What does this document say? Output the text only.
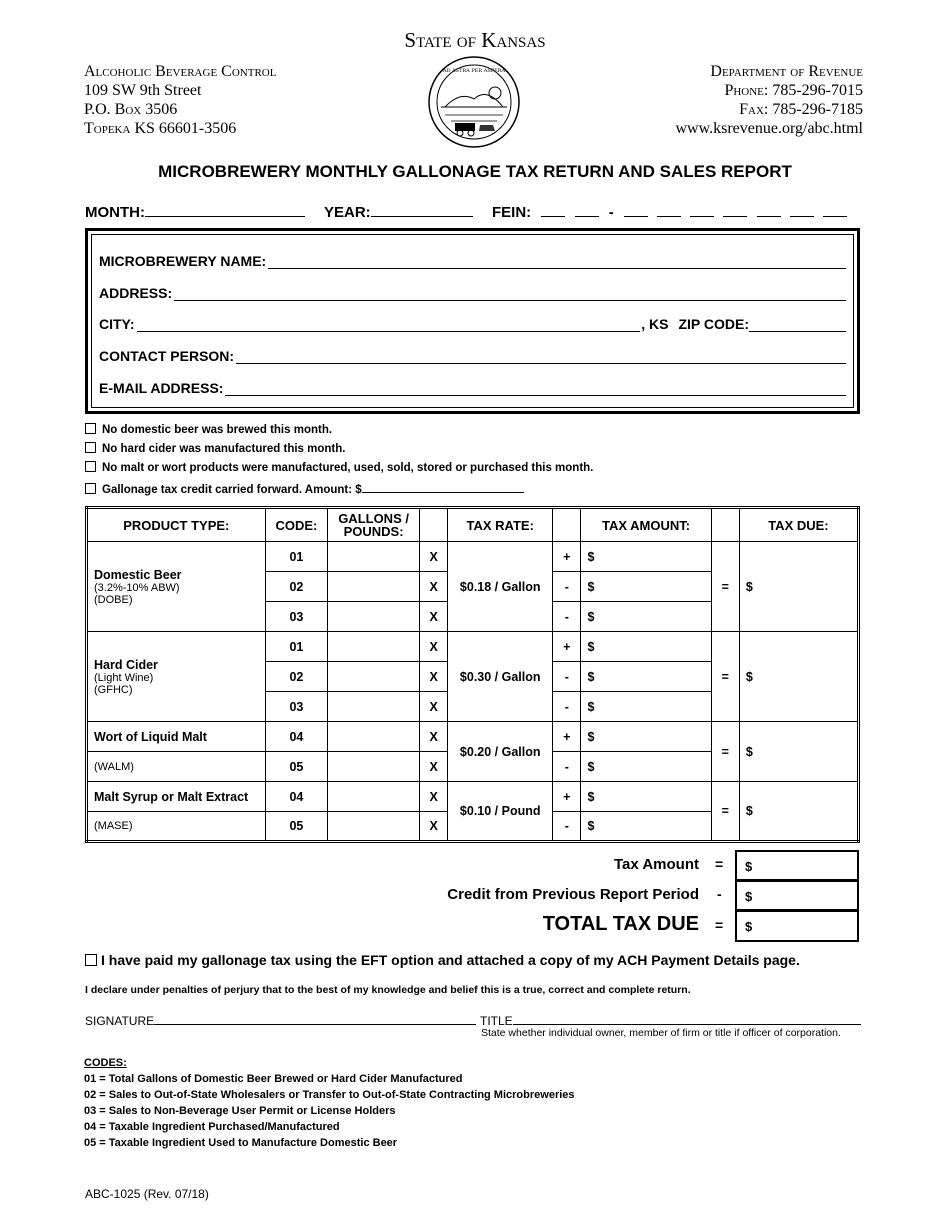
State of Kansas
Alcoholic Beverage Control
109 SW 9th Street
P.O. Box 3506
Topeka KS 66601-3506
AD ASTRA PER ASPERA	Department of Revenue
Phone: 785-296-7015
Fax: 785-296-7185
www.ksrevenue.org/abc.html
MICROBREWERY MONTHLY GALLONAGE TAX RETURN AND SALES REPORT
MONTH:	YEAR:	FEIN:	-
MICROBREWERY NAME:
ADDRESS:
CITY:	, KS ZIP CODE:
CONTACT PERSON:
E-MAIL ADDRESS:
No domestic beer was brewed this month.
No hard cider was manufactured this month.
No malt or wort products were manufactured, used, sold, stored or purchased this month.
Gallonage tax credit carried forward. Amount: $
PRODUCT TYPE:	CODE:	GALLONS / POUNDS:		TAX RATE:		TAX AMOUNT:		TAX DUE:
Domestic Beer
(3.2%-10% ABW)
(DOBE)	01		X	$0.18 / Gallon	+	$	=	$
	02		X		-	$		
	03		X		-	$		
Hard Cider
(Light Wine)
(GFHC)	01		X	$0.30 / Gallon	+	$	=	$
	02		X		-	$		
	03		X		-	$		
Wort of Liquid Malt	04		X	$0.20 / Gallon	+	$	=	$
(WALM)	05		X		-	$		
Malt Syrup or Malt Extract	04		X	$0.10 / Pound	+	$	=	$
(MASE)	05		X		-	$		
Tax Amount =	$
Credit from Previous Report Period -	$
TOTAL TAX DUE =	$
I have paid my gallonage tax using the EFT option and attached a copy of my ACH Payment Details page.
I declare under penalties of perjury that to the best of my knowledge and belief this is a true, correct and complete return.
SIGNATURE	TITLE
State whether individual owner, member of firm or title if officer of corporation.
CODES:
01 = Total Gallons of Domestic Beer Brewed or Hard Cider Manufactured
02 = Sales to Out-of-State Wholesalers or Transfer to Out-of-State Contracting Microbreweries
03 = Sales to Non-Beverage User Permit or License Holders
04 = Taxable Ingredient Purchased/Manufactured
05 = Taxable Ingredient Used to Manufacture Domestic Beer
ABC-1025 (Rev. 07/18)
